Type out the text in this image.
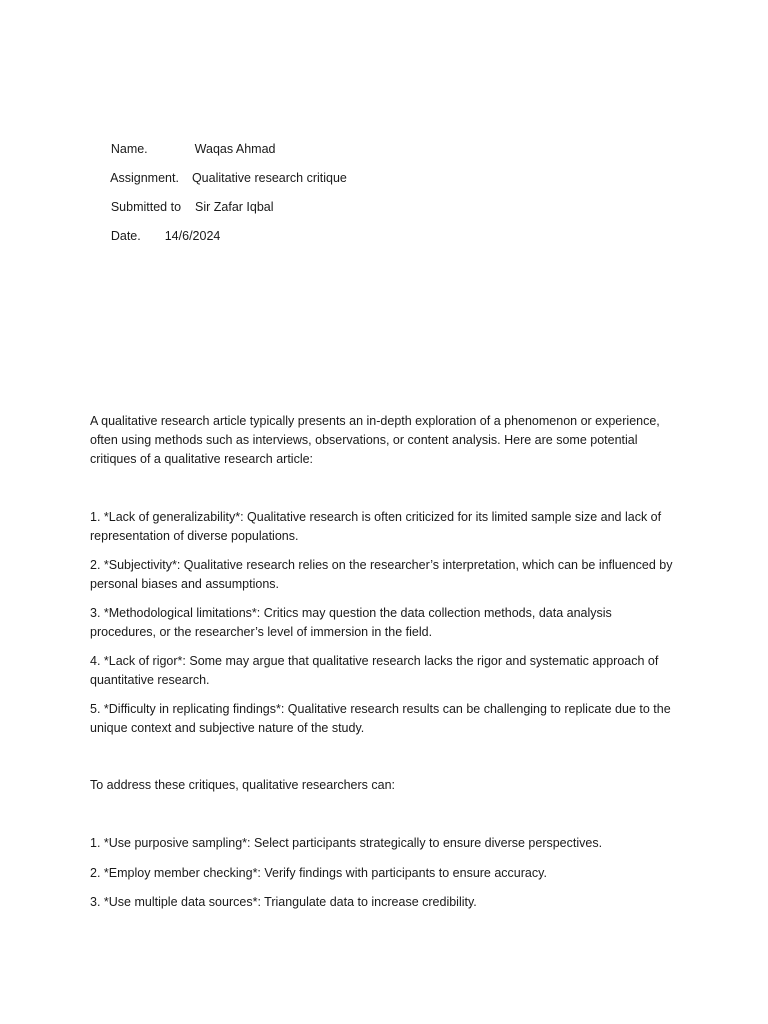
Name.	Waqas Ahmad

Assignment. Qualitative research critique

Submitted to Sir Zafar Iqbal

Date. 14/6/2024

A qualitative research article typically presents an in-depth exploration of a phenomenon or experience, often using methods such as interviews, observations, or content analysis. Here are some potential critiques of a qualitative research article:

1. *Lack of generalizability*: Qualitative research is often criticized for its limited sample size and lack of representation of diverse populations.

2. *Subjectivity*: Qualitative research relies on the researcher’s interpretation, which can be influenced by personal biases and assumptions.

3. *Methodological limitations*: Critics may question the data collection methods, data analysis procedures, or the researcher’s level of immersion in the field.

4. *Lack of rigor*: Some may argue that qualitative research lacks the rigor and systematic approach of quantitative research.

5. *Difficulty in replicating findings*: Qualitative research results can be challenging to replicate due to the unique context and subjective nature of the study.

To address these critiques, qualitative researchers can:

1. *Use purposive sampling*: Select participants strategically to ensure diverse perspectives.

2. *Employ member checking*: Verify findings with participants to ensure accuracy.

3. *Use multiple data sources*: Triangulate data to increase credibility.
